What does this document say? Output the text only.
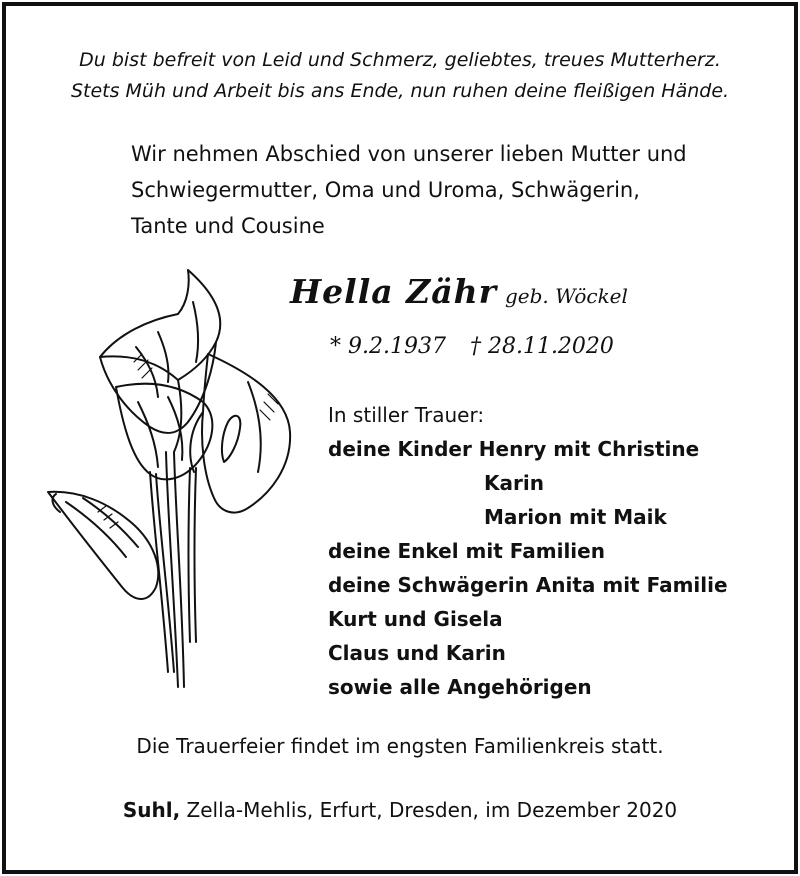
Du bist befreit von Leid und Schmerz, geliebtes, treues Mutterherz.
Stets Müh und Arbeit bis ans Ende, nun ruhen deine fleißigen Hände.
Wir nehmen Abschied von unserer lieben Mutter und
Schwiegermutter, Oma und Uroma, Schwägerin,
Tante und Cousine
Hella Zähr geb. Wöckel
* 9.2.1937 † 28.11.2020
In stiller Trauer:
deine Kinder Henry mit Christine
Karin
Marion mit Maik
deine Enkel mit Familien
deine Schwägerin Anita mit Familie
Kurt und Gisela
Claus und Karin
sowie alle Angehörigen
Die Trauerfeier findet im engsten Familienkreis statt.
Suhl, Zella-Mehlis, Erfurt, Dresden, im Dezember 2020
